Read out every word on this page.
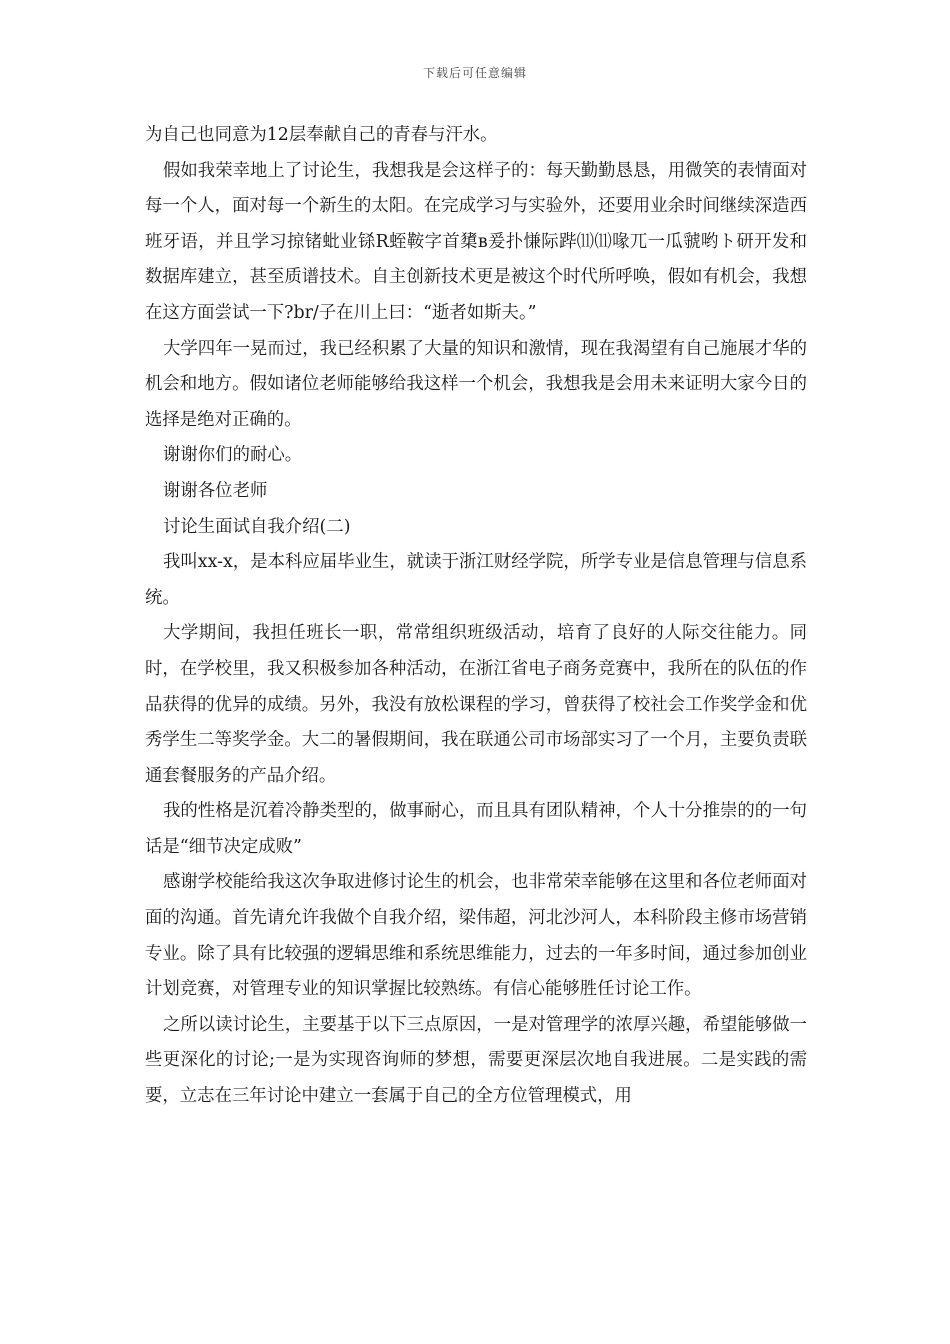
下载后可任意编辑

为自己也同意为12层奉献自己的青春与汗水。

假如我荣幸地上了讨论生，我想我是会这样子的：每天勤勤恳恳，用微笑的表情面对每一个人，面对每一个新生的太阳。在完成学习与实验外，还要用业余时间继续深造西班牙语，并且学习掠锗蚍业铩R蛭鞍字首橥в爰扑慊际跸⑾⑾喙兀一瓜虢哟ト研开发和数据库建立，甚至质谱技术。自主创新技术更是被这个时代所呼唤，假如有机会，我想在这方面尝试一下?br/子在川上曰：“逝者如斯夫。”

大学四年一晃而过，我已经积累了大量的知识和激情，现在我渴望有自己施展才华的机会和地方。假如诸位老师能够给我这样一个机会，我想我是会用未来证明大家今日的选择是绝对正确的。

谢谢你们的耐心。

谢谢各位老师

讨论生面试自我介绍(二)

我叫xx-x，是本科应届毕业生，就读于浙江财经学院，所学专业是信息管理与信息系统。

大学期间，我担任班长一职，常常组织班级活动，培育了良好的人际交往能力。同时，在学校里，我又积极参加各种活动，在浙江省电子商务竞赛中，我所在的队伍的作品获得的优异的成绩。另外，我没有放松课程的学习，曾获得了校社会工作奖学金和优秀学生二等奖学金。大二的暑假期间，我在联通公司市场部实习了一个月，主要负责联通套餐服务的产品介绍。

我的性格是沉着冷静类型的，做事耐心，而且具有团队精神，个人十分推崇的的一句话是“细节决定成败”

感谢学校能给我这次争取进修讨论生的机会，也非常荣幸能够在这里和各位老师面对面的沟通。首先请允许我做个自我介绍，梁伟超，河北沙河人，本科阶段主修市场营销专业。除了具有比较强的逻辑思维和系统思维能力，过去的一年多时间，通过参加创业计划竞赛，对管理专业的知识掌握比较熟练。有信心能够胜任讨论工作。

之所以读讨论生，主要基于以下三点原因，一是对管理学的浓厚兴趣，希望能够做一些更深化的讨论;一是为实现咨询师的梦想，需要更深层次地自我进展。二是实践的需要，立志在三年讨论中建立一套属于自己的全方位管理模式，用
